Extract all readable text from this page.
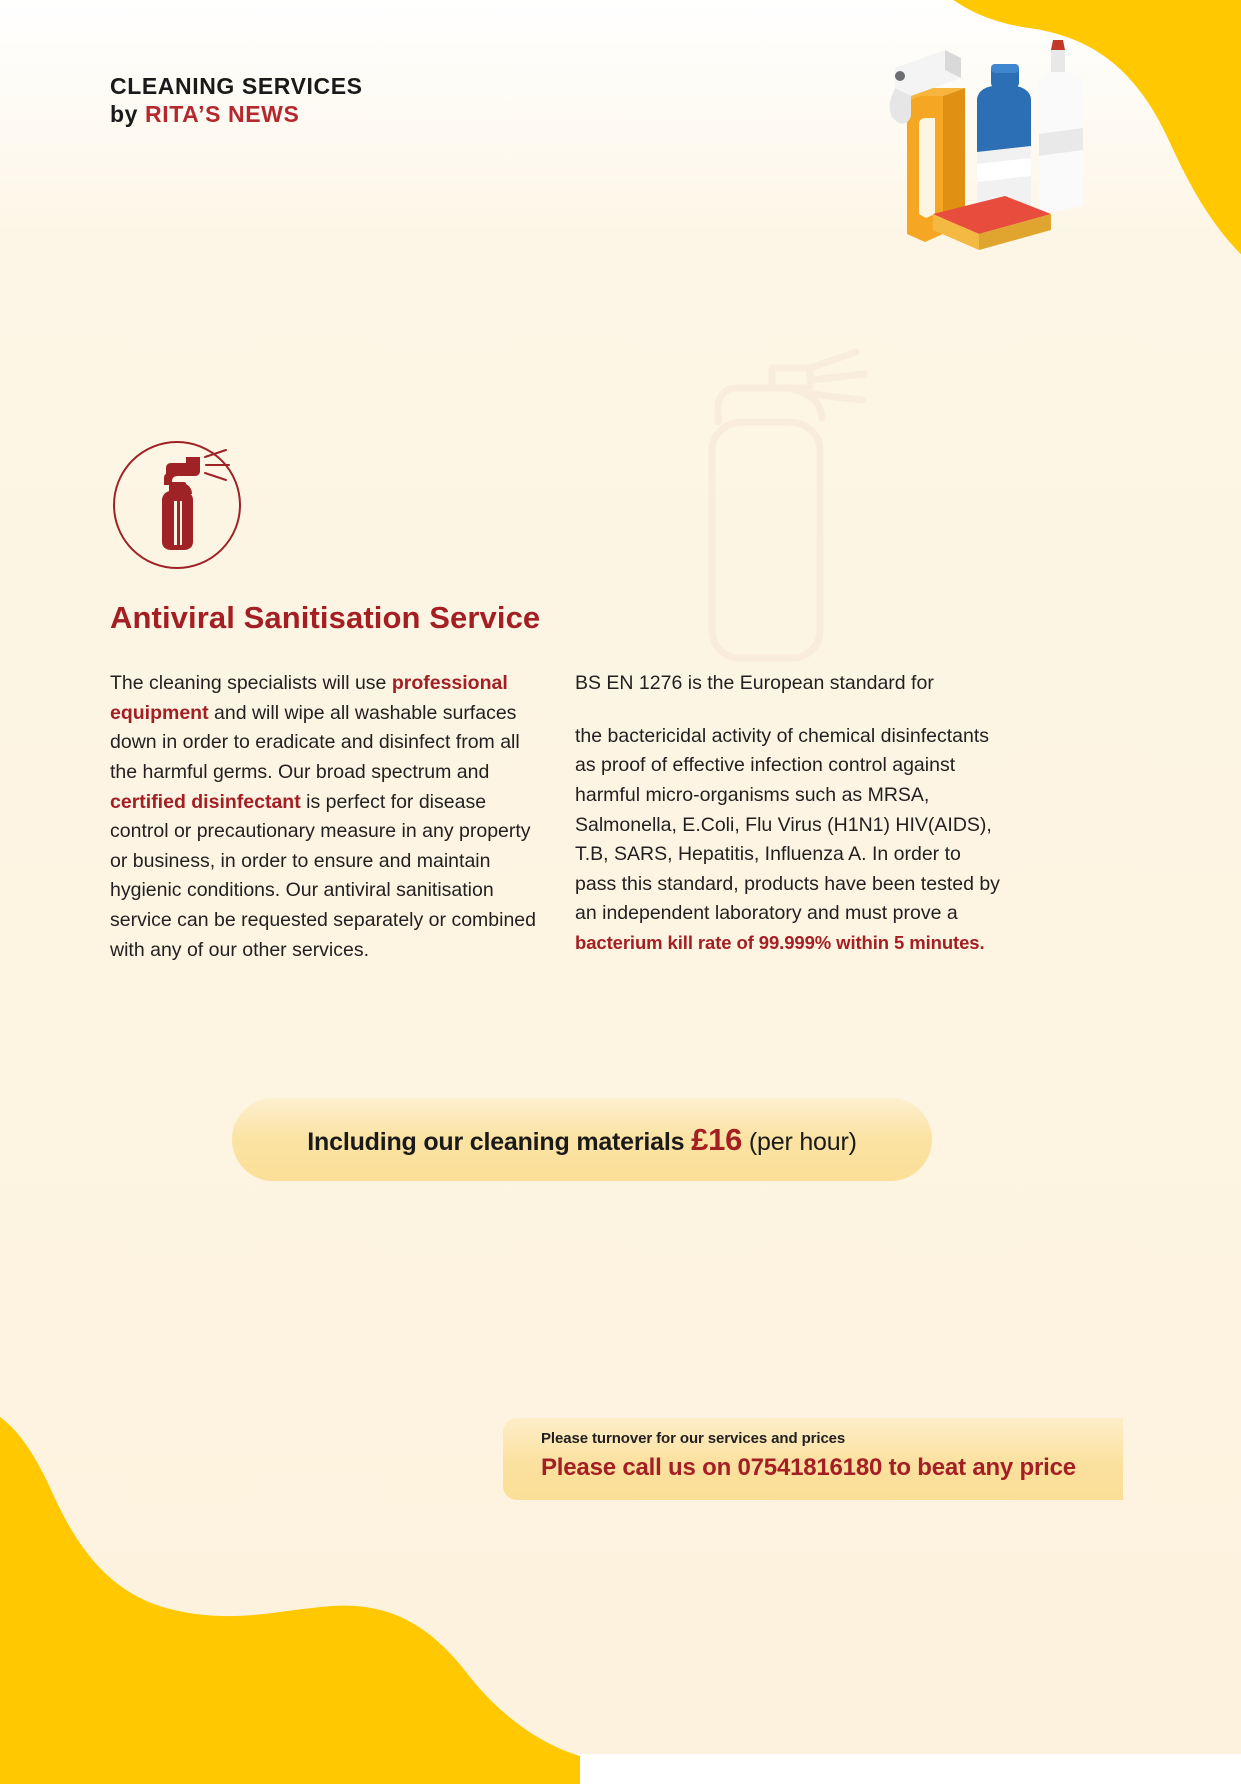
CLEANING SERVICES
by RITA’S NEWS
Antiviral Sanitisation Service
The cleaning specialists will use professional equipment and will wipe all washable surfaces down in order to eradicate and disinfect from all the harmful germs. Our broad spectrum and certified disinfectant is perfect for disease control or precautionary measure in any property or business, in order to ensure and maintain hygienic conditions. Our antiviral sanitisation service can be requested separately or combined with any of our other services.

BS EN 1276 is the European standard for

the bactericidal activity of chemical disinfectants as proof of effective infection control against harmful micro-organisms such as MRSA, Salmonella, E.Coli, Flu Virus (H1N1) HIV(AIDS), T.B, SARS, Hepatitis, Influenza A. In order to pass this standard, products have been tested by an independent laboratory and must prove a bacterium kill rate of 99.999% within 5 minutes.

Including our cleaning materials £16 (per hour)
Please turnover for our services and prices
Please call us on 07541816180 to beat any price
